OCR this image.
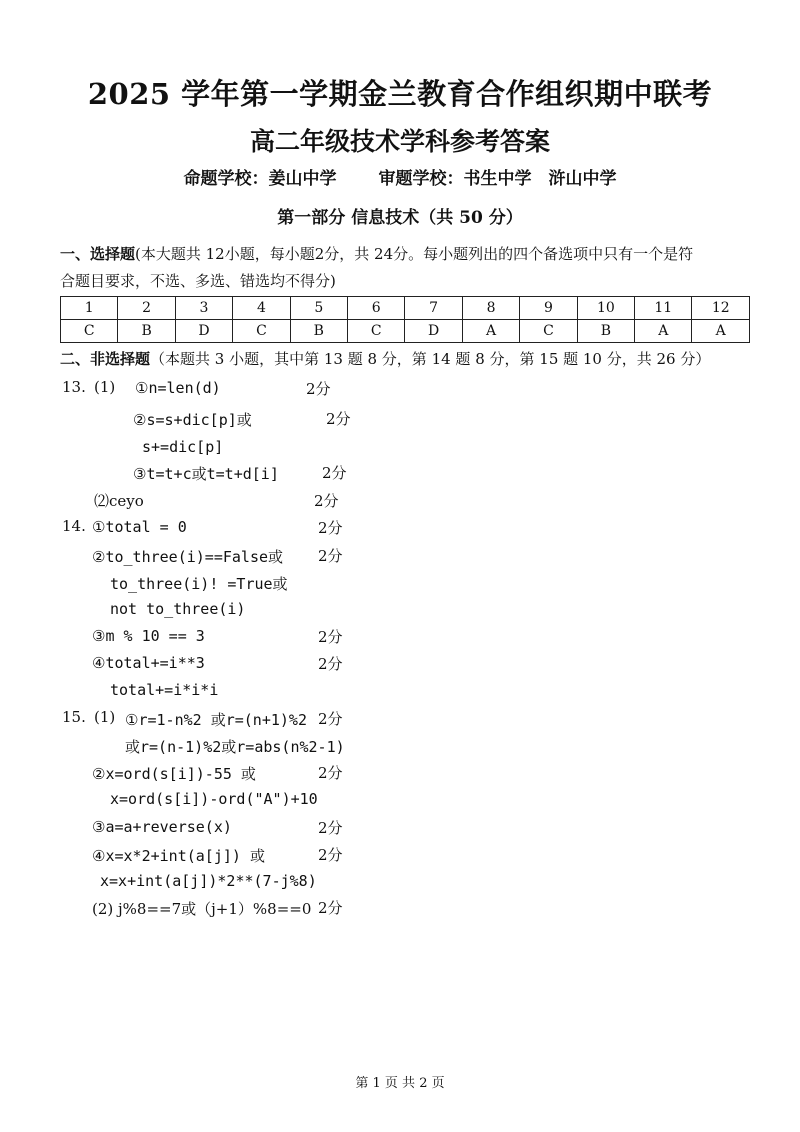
2025 学年第一学期金兰教育合作组织期中联考
高二年级技术学科参考答案
命题学校：姜山中学 审题学校：书生中学　浒山中学
第一部分 信息技术（共 50 分）
一、选择题(本大题共 12小题，每小题2分，共 24分。每小题列出的四个备选项中只有一个是符
合题目要求，不选、多选、错选均不得分)
1	2	3	4	5	6	7	8	9	10	11	12
C	B	D	C	B	C	D	A	C	B	A	A
二、非选择题（本题共 3 小题，其中第 13 题 8 分，第 14 题 8 分，第 15 题 10 分，共 26 分）
13. (1) ①n=len(d)	2分
②s=s+dic[p]或	2分
s+=dic[p]
③t=t+c或t=t+d[i]	2分
⑵ceyo	2分
14. ①total = 0	2分
②to_three(i)==False或 2分
to_three(i)! =True或
not to_three(i)
③m % 10 == 3	2分
④total+=i**3	2分
total+=i*i*i
15. (1) ①r=1-n%2 或r=(n+1)%2 2分
或r=(n-1)%2或r=abs(n%2-1)
②x=ord(s[i])-55 或	2分
x=ord(s[i])-ord("A")+10
③a=a+reverse(x)	2分
④x=x*2+int(a[j]) 或	2分
x=x+int(a[j])*2**(7-j%8)
(2) j%8==7或（j+1）%8==0 2分
第 1 页 共 2 页
